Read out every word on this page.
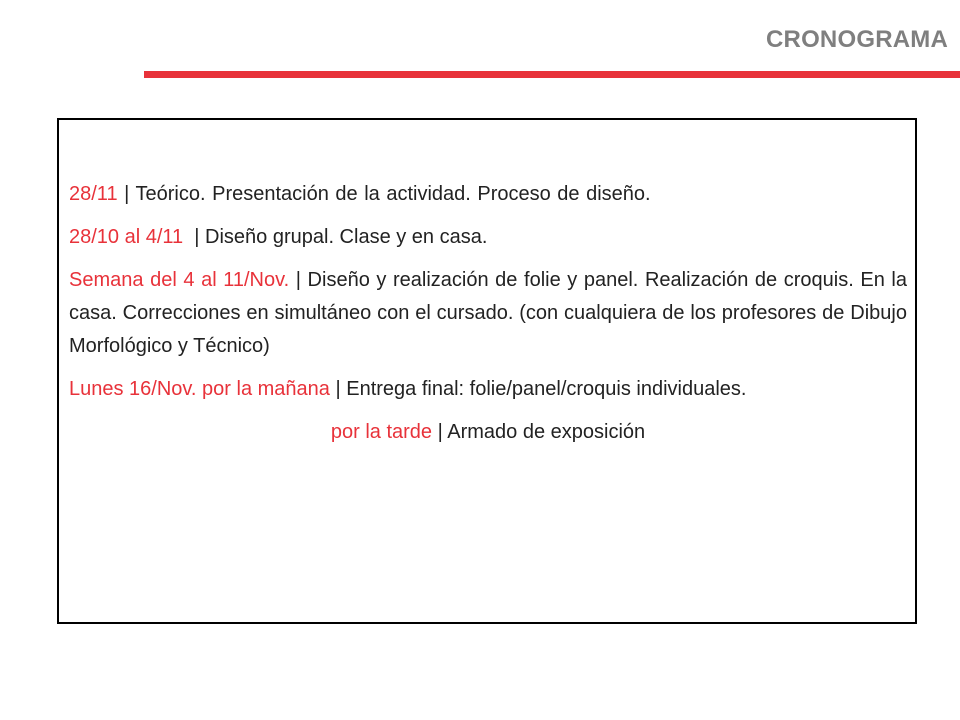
CRONOGRAMA

28/11 | Teórico. Presentación de la actividad. Proceso de diseño.

28/10 al 4/11  | Diseño grupal. Clase y en casa.

Semana del 4 al 11/Nov. | Diseño y realización de folie y panel. Realización de croquis. En la casa. Correcciones en simultáneo con el cursado. (con cualquiera de los profesores de Dibujo Morfológico y Técnico)

Lunes 16/Nov. por la mañana | Entrega final: folie/panel/croquis individuales.

por la tarde | Armado de exposición
